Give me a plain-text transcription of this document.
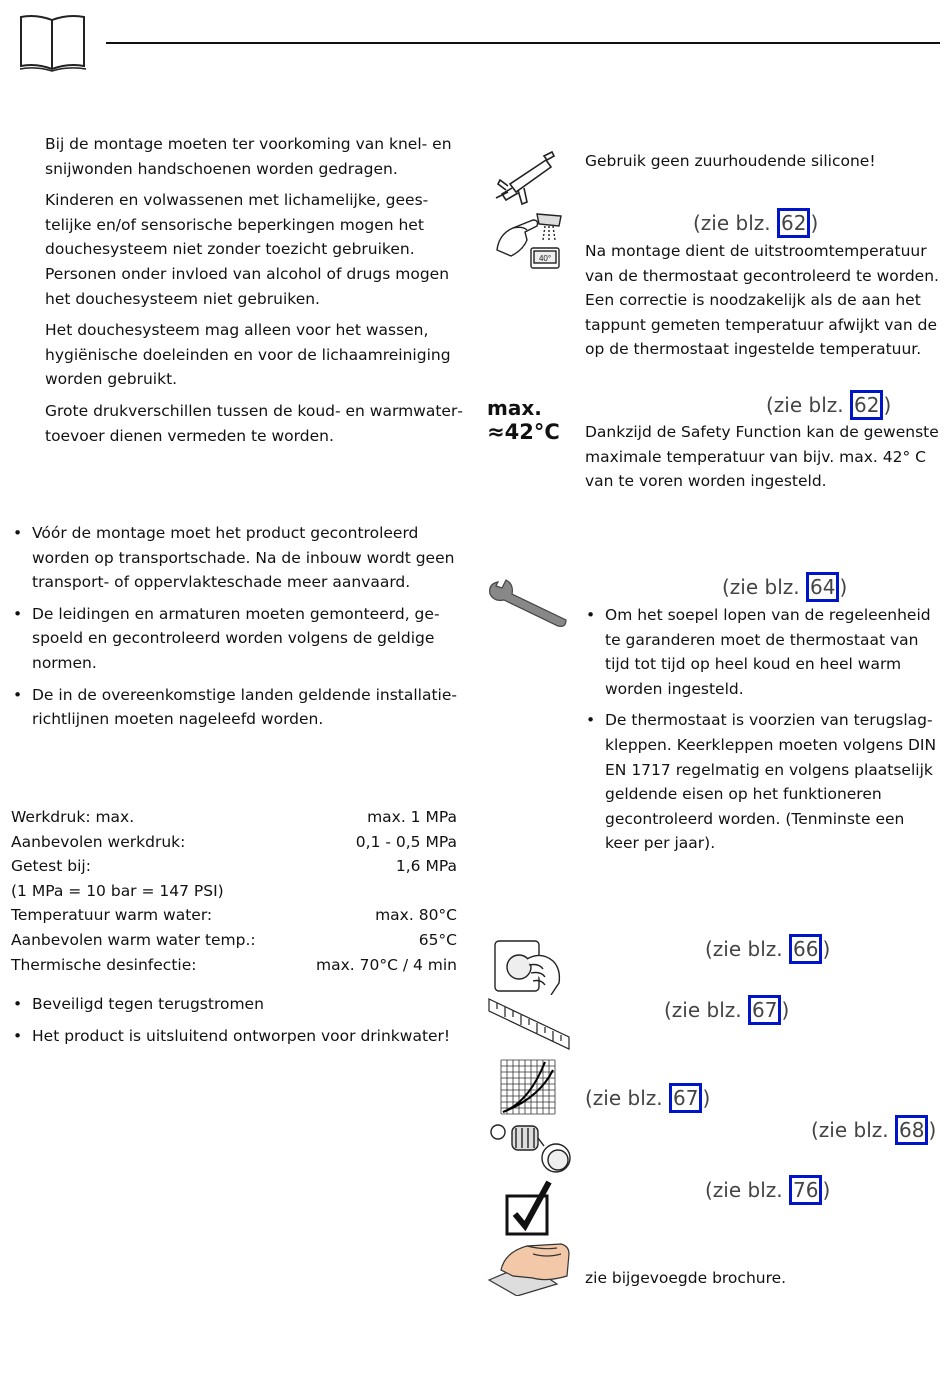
Bij de montage moeten ter voorkoming van knel- en snijwonden handschoenen worden gedragen.

Kinderen en volwassenen met lichamelijke, geestelijke en/of sensorische beperkingen mogen het douchesysteem niet zonder toezicht gebruiken. Personen onder invloed van alcohol of drugs mogen het douchesysteem niet gebruiken.

Het douchesysteem mag alleen voor het wassen, hygiënische doeleinden en voor de lichaamreiniging worden gebruikt.

Grote drukverschillen tussen de koud- en warmwatertoevoer dienen vermeden te worden.

• Vóór de montage moet het product gecontroleerd worden op transportschade. Na de inbouw wordt geen transport- of oppervlakteschade meer aanvaard.
• De leidingen en armaturen moeten gemonteerd, gespoeld en gecontroleerd worden volgens de geldige normen.
• De in de overeenkomstige landen geldende installatierichtlijnen moeten nageleefd worden.
Werkdruk: max.	max. 1 MPa
Aanbevolen werkdruk:	0,1 - 0,5 MPa
Getest bij:	1,6 MPa
(1 MPa = 10 bar = 147 PSI)
Temperatuur warm water:	max. 80°C
Aanbevolen warm water temp.:	65°C
Thermische desinfectie:	max. 70°C / 4 min
• Beveiligd tegen terugstromen
• Het product is uitsluitend ontworpen voor drinkwater!
40°
max.
≈42°C
Gebruik geen zuurhoudende silicone!
(zie blz. 62 )
Na montage dient de uitstroomtemperatuur van de thermostaat gecontroleerd te worden. Een correctie is noodzakelijk als de aan het tappunt gemeten temperatuur afwijkt van de op de thermostaat ingestelde temperatuur.
(zie blz. 62 )
Dankzijd de Safety Function kan de gewenste maximale temperatuur van bijv. max. 42° C van te voren worden ingesteld.
(zie blz. 64 )
• Om het soepel lopen van de regeleenheid te garanderen moet de thermostaat van tijd tot tijd op heel koud en heel warm worden ingesteld.
• De thermostaat is voorzien van terugslagkleppen. Keerkleppen moeten volgens DIN EN 1717 regelmatig en volgens plaatselijk geldende eisen op het funktioneren gecontroleerd worden. (Tenminste een keer per jaar).
(zie blz. 66 )
(zie blz. 67 )
(zie blz. 67 )
(zie blz. 68 )
(zie blz. 76 )
zie bijgevoegde brochure.
